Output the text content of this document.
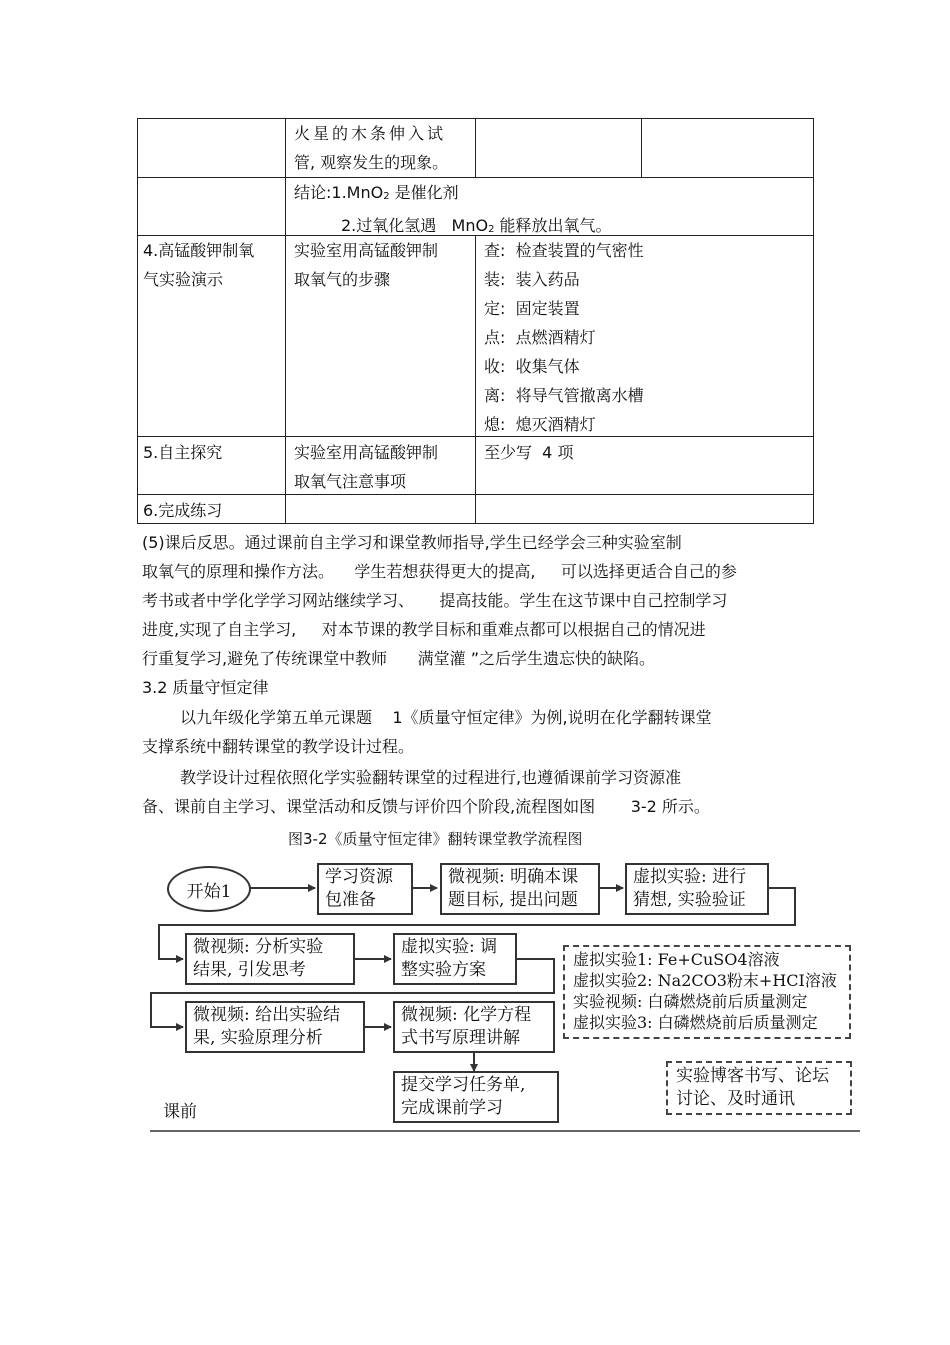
火星的木条伸入试
管, 观察发生的现象。
结论:1.MnO2 是催化剂
2.过氧化氢遇   MnO2 能释放出氧气。
4.高锰酸钾制氧
气实验演示
实验室用高锰酸钾制
取氧气的步骤
查:  检查装置的气密性
装:  装入药品
定:  固定装置
点:  点燃酒精灯
收:  收集气体
离:  将导气管撤离水槽
熄:  熄灭酒精灯
5.自主探究	实验室用高锰酸钾制
取氧气注意事项
至少写  4 项
6.完成练习
(5)课后反思。通过课前自主学习和课堂教师指导,学生已经学会三种实验室制
取氧气的原理和操作方法。    学生若想获得更大的提高,     可以选择更适合自己的参
考书或者中学化学学习网站继续学习、     提高技能。学生在这节课中自己控制学习
进度,实现了自主学习,     对本节课的教学目标和重难点都可以根据自己的情况进
行重复学习,避免了传统课堂中教师      满堂灌 ”之后学生遗忘快的缺陷。
3.2 质量守恒定律
以九年级化学第五单元课题    1《质量守恒定律》为例,说明在化学翻转课堂
支撑系统中翻转课堂的教学设计过程。
教学设计过程依照化学实验翻转课堂的过程进行,也遵循课前学习资源准
备、课前自主学习、课堂活动和反馈与评价四个阶段,流程图如图       3-2 所示。
图3-2《质量守恒定律》翻转课堂教学流程图
开始1
学习资源
包准备
微视频: 明确本课
题目标, 提出问题
虚拟实验: 进行
猜想, 实验验证
微视频: 分析实验
结果, 引发思考
虚拟实验: 调
整实验方案
微视频: 给出实验结
果, 实验原理分析
微视频: 化学方程
式书写原理讲解
提交学习任务单,
完成课前学习
虚拟实验1: Fe+CuSO4溶液
虚拟实验2: Na2CO3粉末+HCI溶液
实验视频: 白磷燃烧前后质量测定
虚拟实验3: 白磷燃烧前后质量测定
实验博客书写、论坛
讨论、及时通讯
课前
